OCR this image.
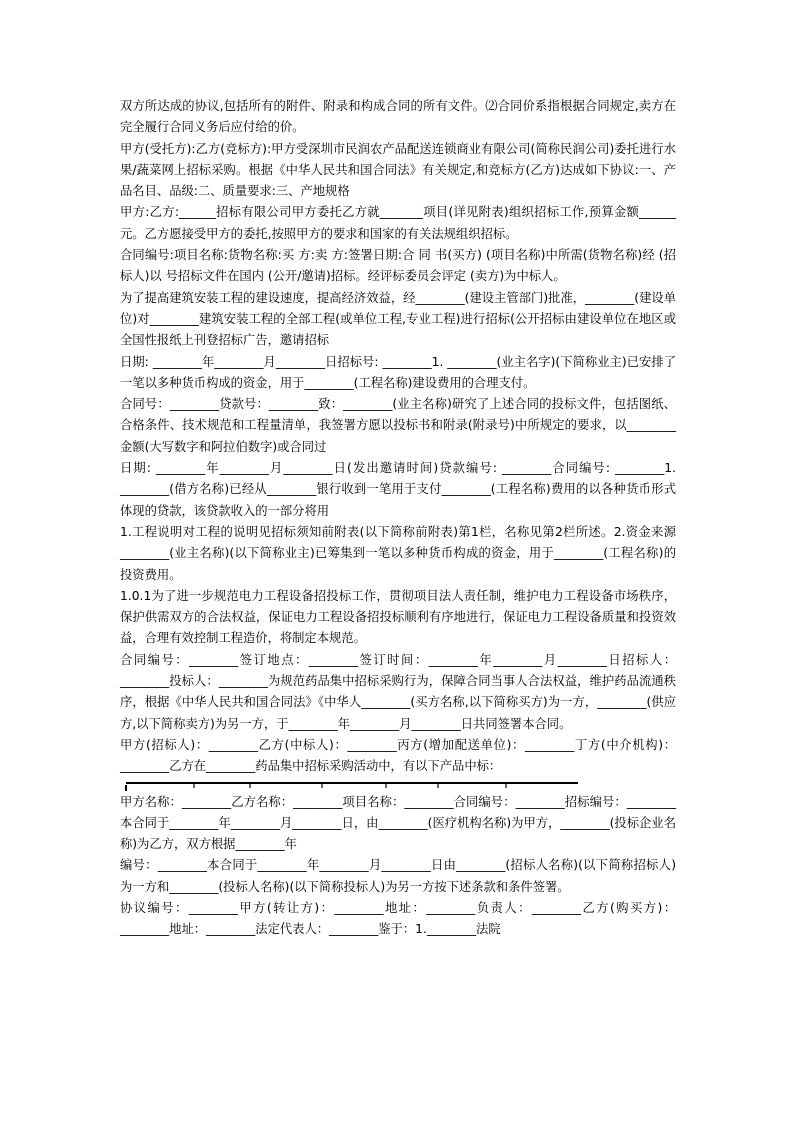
双方所达成的协议,包括所有的附件、附录和构成合同的所有文件。⑵合同价系指根据合同规定,卖方在完全履行合同义务后应付给的价。

甲方(受托方):乙方(竞标方):甲方受深圳市民润农产品配送连锁商业有限公司(简称民润公司)委托进行水果/蔬菜网上招标采购。根据《中华人民共和国合同法》有关规定,和竞标方(乙方)达成如下协议:一、产品名目、品级:二、质量要求:三、产地规格

甲方:乙方:______招标有限公司甲方委托乙方就_______项目(详见附表)组织招标工作,预算金额______元。乙方愿接受甲方的委托,按照甲方的要求和国家的有关法规组织招标。

合同编号:项目名称:货物名称:买 方:卖 方:签署日期:合 同 书(买方) (项目名称)中所需(货物名称)经 (招标人)以 号招标文件在国内 (公开/邀请)招标。经评标委员会评定 (卖方)为中标人。

为了提高建筑安装工程的建设速度，提高经济效益，经________(建设主管部门)批准，________(建设单位)对________建筑安装工程的全部工程(或单位工程,专业工程)进行招标(公开招标由建设单位在地区或全国性报纸上刊登招标广告，邀请招标

日期: ________年________月________日招标号: ________1. ________(业主名字)(下简称业主)已安排了一笔以多种货币构成的资金，用于________(工程名称)建设费用的合理支付。

合同号：________贷款号：________致：________(业主名称)研究了上述合同的投标文件，包括图纸、合格条件、技术规范和工程量清单，我签署方愿以投标书和附录(附录号)中所规定的要求，以________金额(大写数字和阿拉伯数字)或合同过

日期: ________年________月________日(发出邀请时间)贷款编号: ________合同编号: ________1. ________(借方名称)已经从________银行收到一笔用于支付________(工程名称)费用的以各种货币形式体现的贷款，该贷款收入的一部分将用

1.工程说明对工程的说明见招标须知前附表(以下简称前附表)第1栏，名称见第2栏所述。2.资金来源________(业主名称)(以下简称业主)已筹集到一笔以多种货币构成的资金，用于________(工程名称)的投资费用。

1.0.1为了进一步规范电力工程设备招投标工作，贯彻项目法人责任制，维护电力工程设备市场秩序，保护供需双方的合法权益，保证电力工程设备招投标顺利有序地进行，保证电力工程设备质量和投资效益，合理有效控制工程造价，将制定本规范。

合同编号：________签订地点：________签订时间：________年________月________日招标人：________投标人：________为规范药品集中招标采购行为，保障合同当事人合法权益，维护药品流通秩序，根据《中华人民共和国合同法》《中华人________(买方名称,以下简称买方)为一方，________(供应方,以下简称卖方)为另一方，于________年________月________日共同签署本合同。

甲方(招标人)：________乙方(中标人)：________丙方(增加配送单位)：________丁方(中介机构)：________乙方在________药品集中招标采购活动中，有以下产品中标：

甲方名称：________乙方名称：________项目名称：________合同编号：________招标编号：________本合同于________年________月________日，由________(医疗机构名称)为甲方，________(投标企业名称)为乙方，双方根据________年

编号：________本合同于________年________月________日由________(招标人名称)(以下简称招标人)为一方和________(投标人名称)(以下简称投标人)为另一方按下述条款和条件签署。

协议编号：________甲方(转让方)：________地址：________负责人：________乙方(购买方)：________地址：________法定代表人：________鉴于：1.________法院
